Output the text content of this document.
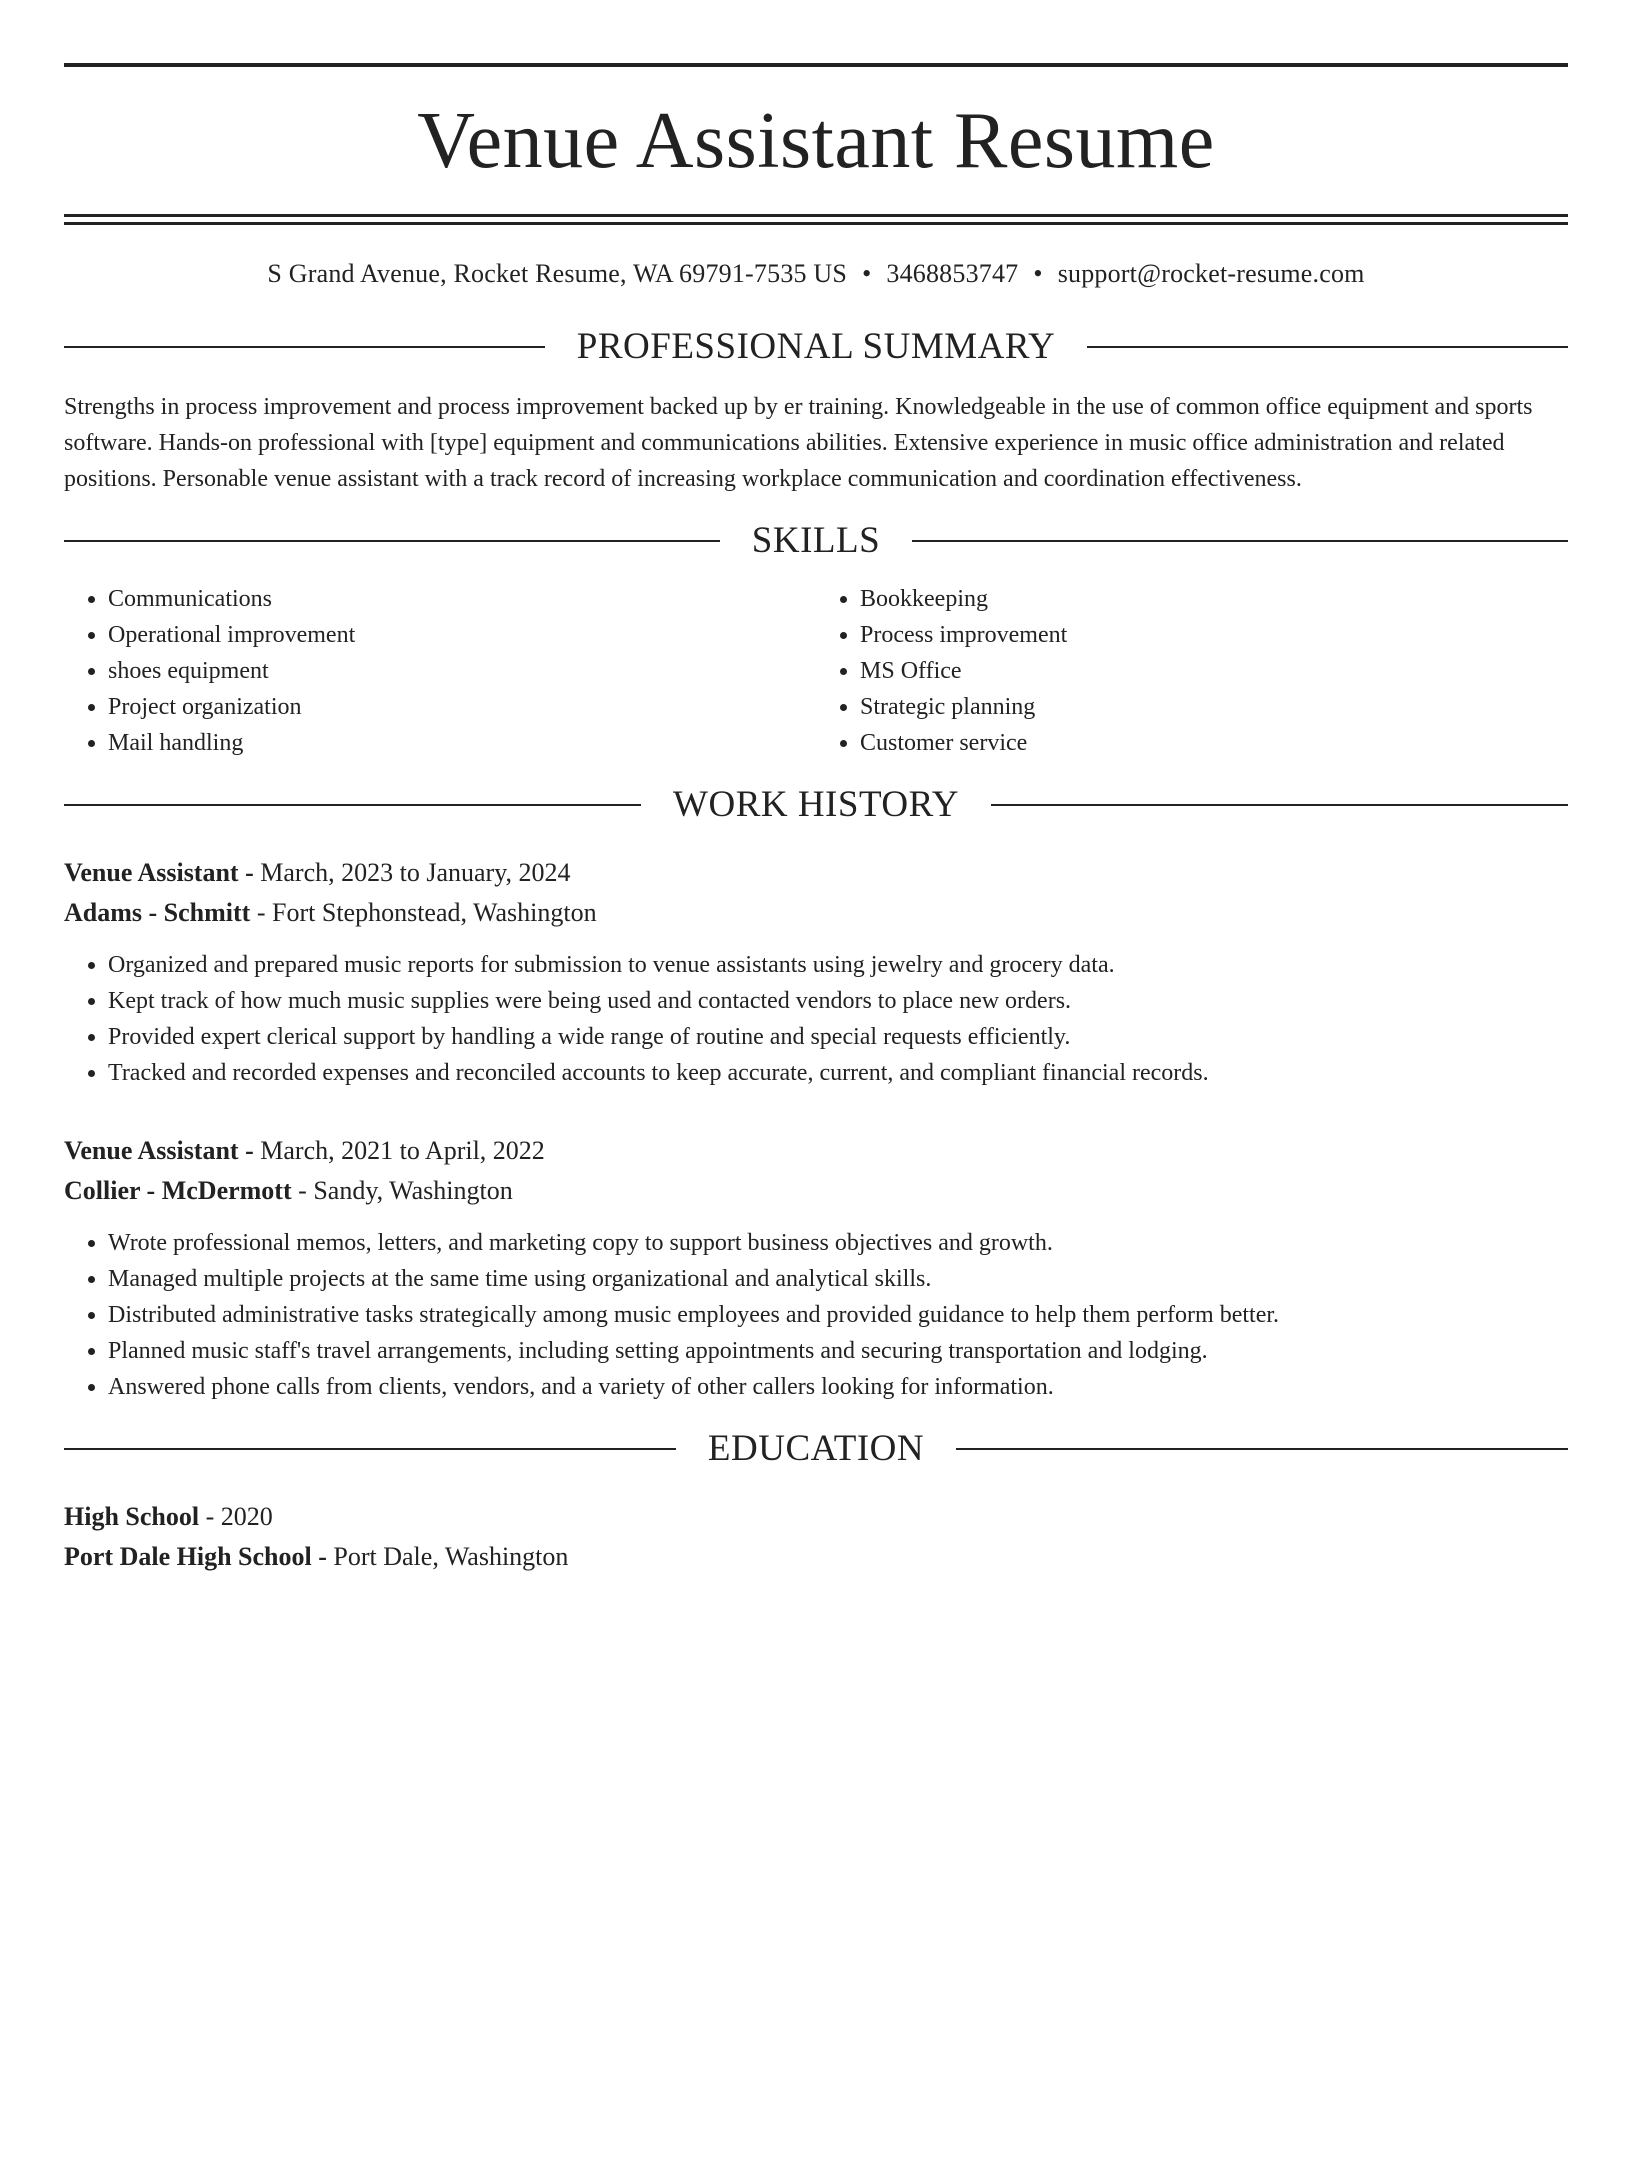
Venue Assistant Resume
S Grand Avenue, Rocket Resume, WA 69791-7535 US • 3468853747 • support@rocket-resume.com
PROFESSIONAL SUMMARY
Strengths in process improvement and process improvement backed up by er training. Knowledgeable in the use of common office equipment and sports software. Hands-on professional with [type] equipment and communications abilities. Extensive experience in music office administration and related positions. Personable venue assistant with a track record of increasing workplace communication and coordination effectiveness.
SKILLS
• Communications
• Operational improvement
• shoes equipment
• Project organization
• Mail handling
• Bookkeeping
• Process improvement
• MS Office
• Strategic planning
• Customer service
WORK HISTORY
Venue Assistant - March, 2023 to January, 2024
Adams - Schmitt - Fort Stephonstead, Washington
• Organized and prepared music reports for submission to venue assistants using jewelry and grocery data.
• Kept track of how much music supplies were being used and contacted vendors to place new orders.
• Provided expert clerical support by handling a wide range of routine and special requests efficiently.
• Tracked and recorded expenses and reconciled accounts to keep accurate, current, and compliant financial records.
Venue Assistant - March, 2021 to April, 2022
Collier - McDermott - Sandy, Washington
• Wrote professional memos, letters, and marketing copy to support business objectives and growth.
• Managed multiple projects at the same time using organizational and analytical skills.
• Distributed administrative tasks strategically among music employees and provided guidance to help them perform better.
• Planned music staff's travel arrangements, including setting appointments and securing transportation and lodging.
• Answered phone calls from clients, vendors, and a variety of other callers looking for information.
EDUCATION
High School - 2020
Port Dale High School - Port Dale, Washington
